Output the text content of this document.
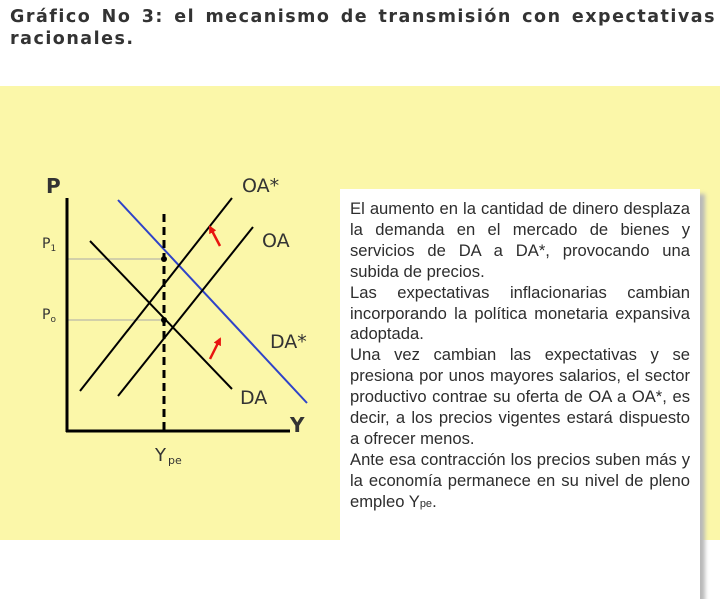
Gráfico No 3: el mecanismo de transmisión con expectativas
racionales.
P
Y
$P_1$
$P_o$
Ype
OA*
OA
DA*
DA

El aumento en la cantidad de dinero desplaza la demanda en el mercado de bienes y servicios de DA a DA*, provocando una subida de precios.

Las expectativas inflacionarias cambian incorporando la política monetaria expansiva adoptada.

Una vez cambian las expectativas y se presiona por unos mayores salarios, el sector productivo contrae su oferta de OA a OA*, es decir, a los precios vigentes estará dispuesto a ofrecer menos.

Ante esa contracción los precios suben más y la economía permanece en su nivel de pleno empleo Ype.
